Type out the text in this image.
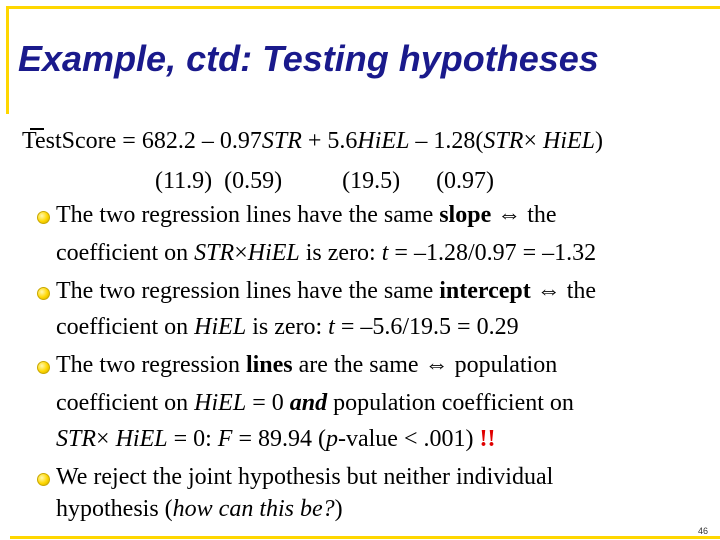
Example, ctd: Testing hypotheses
TestScore = 682.2 – 0.97STR + 5.6HiEL – 1.28(STR× HiEL)
(11.9)  (0.59)          (19.5)      (0.97)
The two regression lines have the same slope ⇔ the
coefficient on STR×HiEL is zero: t = –1.28/0.97 = –1.32
The two regression lines have the same intercept ⇔ the
coefficient on HiEL is zero: t = –5.6/19.5 = 0.29
The two regression lines are the same ⇔ population
coefficient on HiEL = 0 and population coefficient on
STR× HiEL = 0: F = 89.94 (p-value < .001) !!
We reject the joint hypothesis but neither individual
hypothesis (how can this be?)
46
